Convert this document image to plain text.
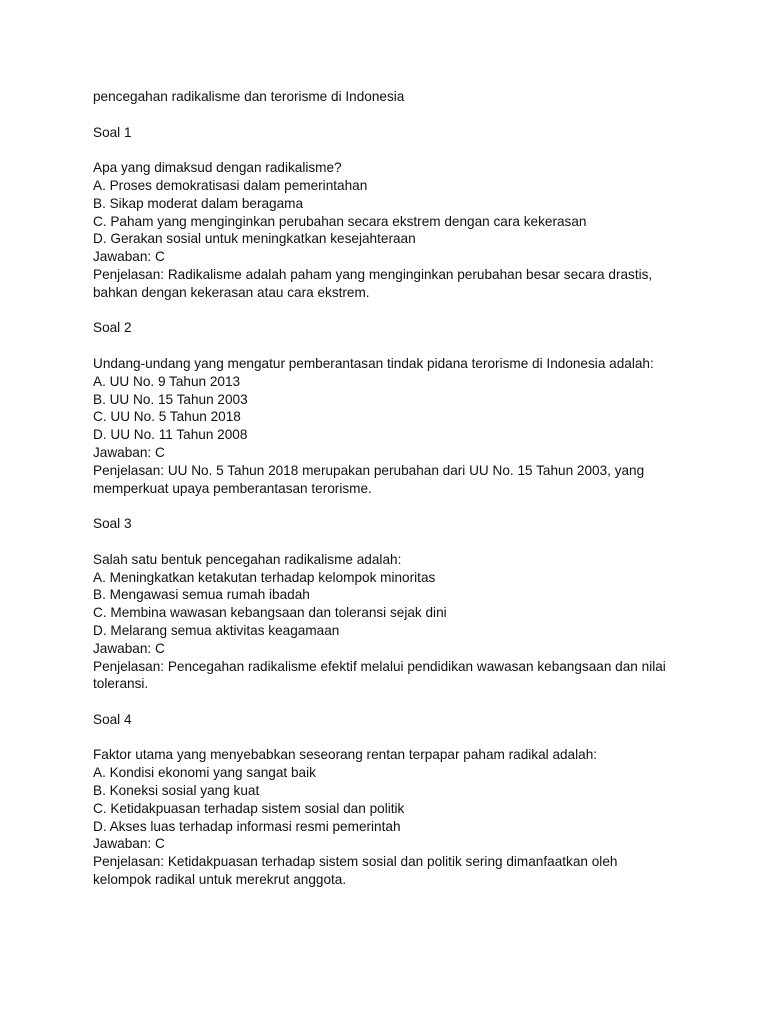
pencegahan radikalisme dan terorisme di Indonesia

Soal 1

Apa yang dimaksud dengan radikalisme?

A. Proses demokratisasi dalam pemerintahan

B. Sikap moderat dalam beragama

C. Paham yang menginginkan perubahan secara ekstrem dengan cara kekerasan

D. Gerakan sosial untuk meningkatkan kesejahteraan

Jawaban: C

Penjelasan: Radikalisme adalah paham yang menginginkan perubahan besar secara drastis, bahkan dengan kekerasan atau cara ekstrem.

Soal 2

Undang-undang yang mengatur pemberantasan tindak pidana terorisme di Indonesia adalah:

A. UU No. 9 Tahun 2013

B. UU No. 15 Tahun 2003

C. UU No. 5 Tahun 2018

D. UU No. 11 Tahun 2008

Jawaban: C

Penjelasan: UU No. 5 Tahun 2018 merupakan perubahan dari UU No. 15 Tahun 2003, yang memperkuat upaya pemberantasan terorisme.

Soal 3

Salah satu bentuk pencegahan radikalisme adalah:

A. Meningkatkan ketakutan terhadap kelompok minoritas

B. Mengawasi semua rumah ibadah

C. Membina wawasan kebangsaan dan toleransi sejak dini

D. Melarang semua aktivitas keagamaan

Jawaban: C

Penjelasan: Pencegahan radikalisme efektif melalui pendidikan wawasan kebangsaan dan nilai toleransi.

Soal 4

Faktor utama yang menyebabkan seseorang rentan terpapar paham radikal adalah:

A. Kondisi ekonomi yang sangat baik

B. Koneksi sosial yang kuat

C. Ketidakpuasan terhadap sistem sosial dan politik

D. Akses luas terhadap informasi resmi pemerintah

Jawaban: C

Penjelasan: Ketidakpuasan terhadap sistem sosial dan politik sering dimanfaatkan oleh kelompok radikal untuk merekrut anggota.
